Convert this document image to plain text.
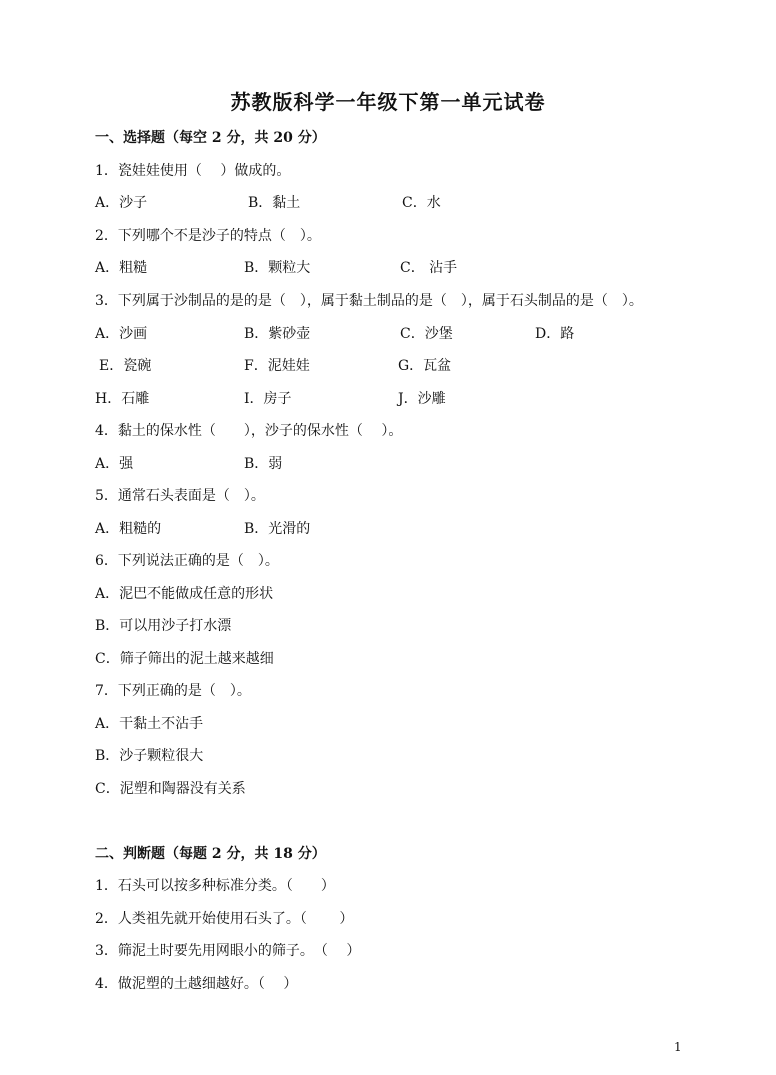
苏教版科学一年级下第一单元试卷
一、选择题（每空 2 分，共 20 分）
1．瓷娃娃使用（　 ）做成的。
A．沙子	B．黏土	C．水
2．下列哪个不是沙子的特点（　）。
A．粗糙	B．颗粒大	C． 沾手
3．下列属于沙制品的是的是（　），属于黏土制品的是（　），属于石头制品的是（　）。
A．沙画	B．紫砂壶	C．沙堡	D．路
E．瓷碗	F．泥娃娃	G．瓦盆
H．石雕	I．房子	J．沙雕
4．黏土的保水性（　　），沙子的保水性（　 ）。
A．强	B．弱
5．通常石头表面是（　）。
A．粗糙的	B．光滑的
6．下列说法正确的是（　）。
A．泥巴不能做成任意的形状
B．可以用沙子打水漂
C．筛子筛出的泥土越来越细
7．下列正确的是（　）。
A．干黏土不沾手
B．沙子颗粒很大
C．泥塑和陶器没有关系
二、判断题（每题 2 分，共 18 分）
1．石头可以按多种标准分类。（　　）
2．人类祖先就开始使用石头了。（　　 ）
3．筛泥土时要先用网眼小的筛子。　（　 ）
4．做泥塑的土越细越好。（　 ）
1
